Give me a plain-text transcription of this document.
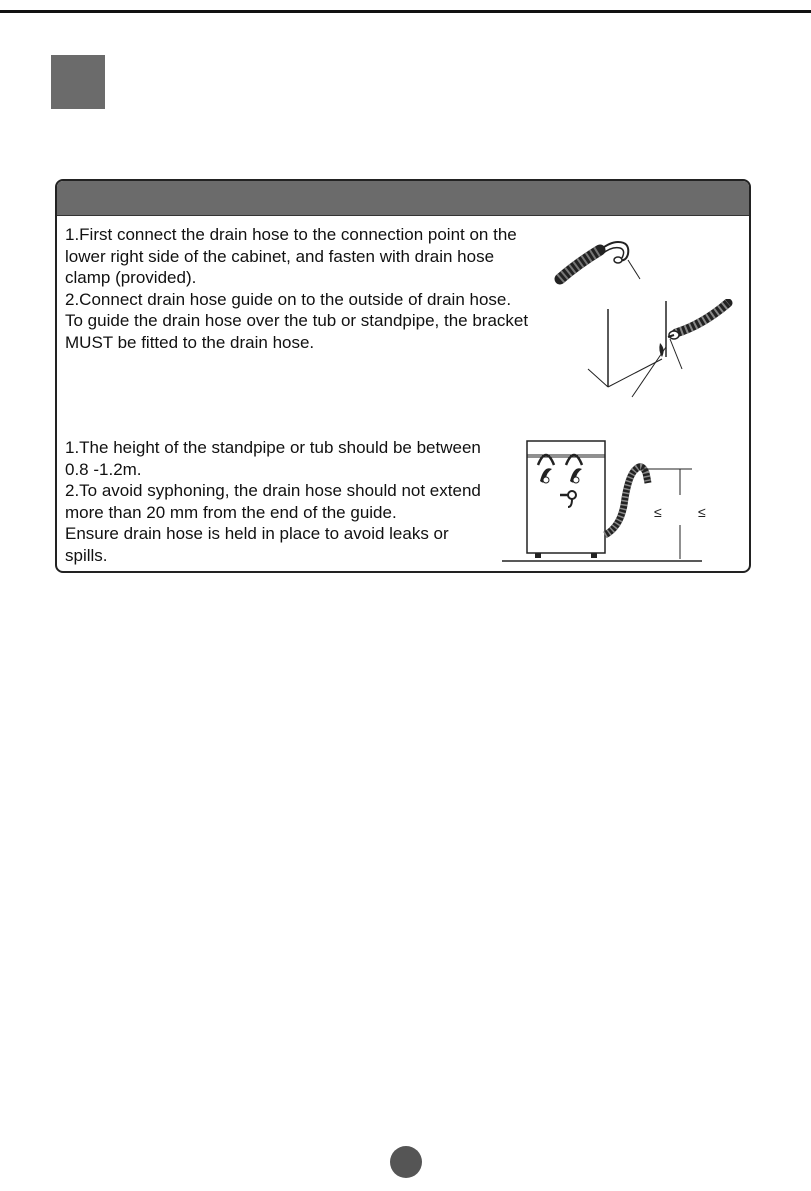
1.First connect the drain hose to the connection point on the
lower right side of the cabinet, and fasten with drain hose
clamp (provided).
2.Connect drain hose guide on to the outside of drain hose.
To guide the drain hose over the tub or standpipe, the bracket
MUST be fitted to the drain hose.
1.The height of the standpipe or tub should be between
0.8 -1.2m.
2.To avoid syphoning, the drain hose should not extend
more than 20 mm from the end of the guide.
Ensure drain hose is held in place to avoid leaks or
spills.
≤	≤
